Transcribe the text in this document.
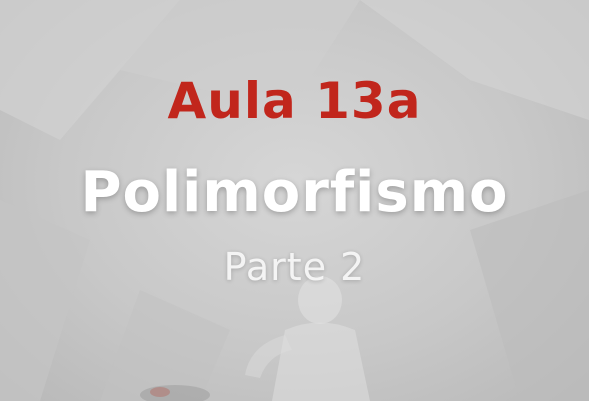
Aula 13a
Polimorfismo
Parte 2
